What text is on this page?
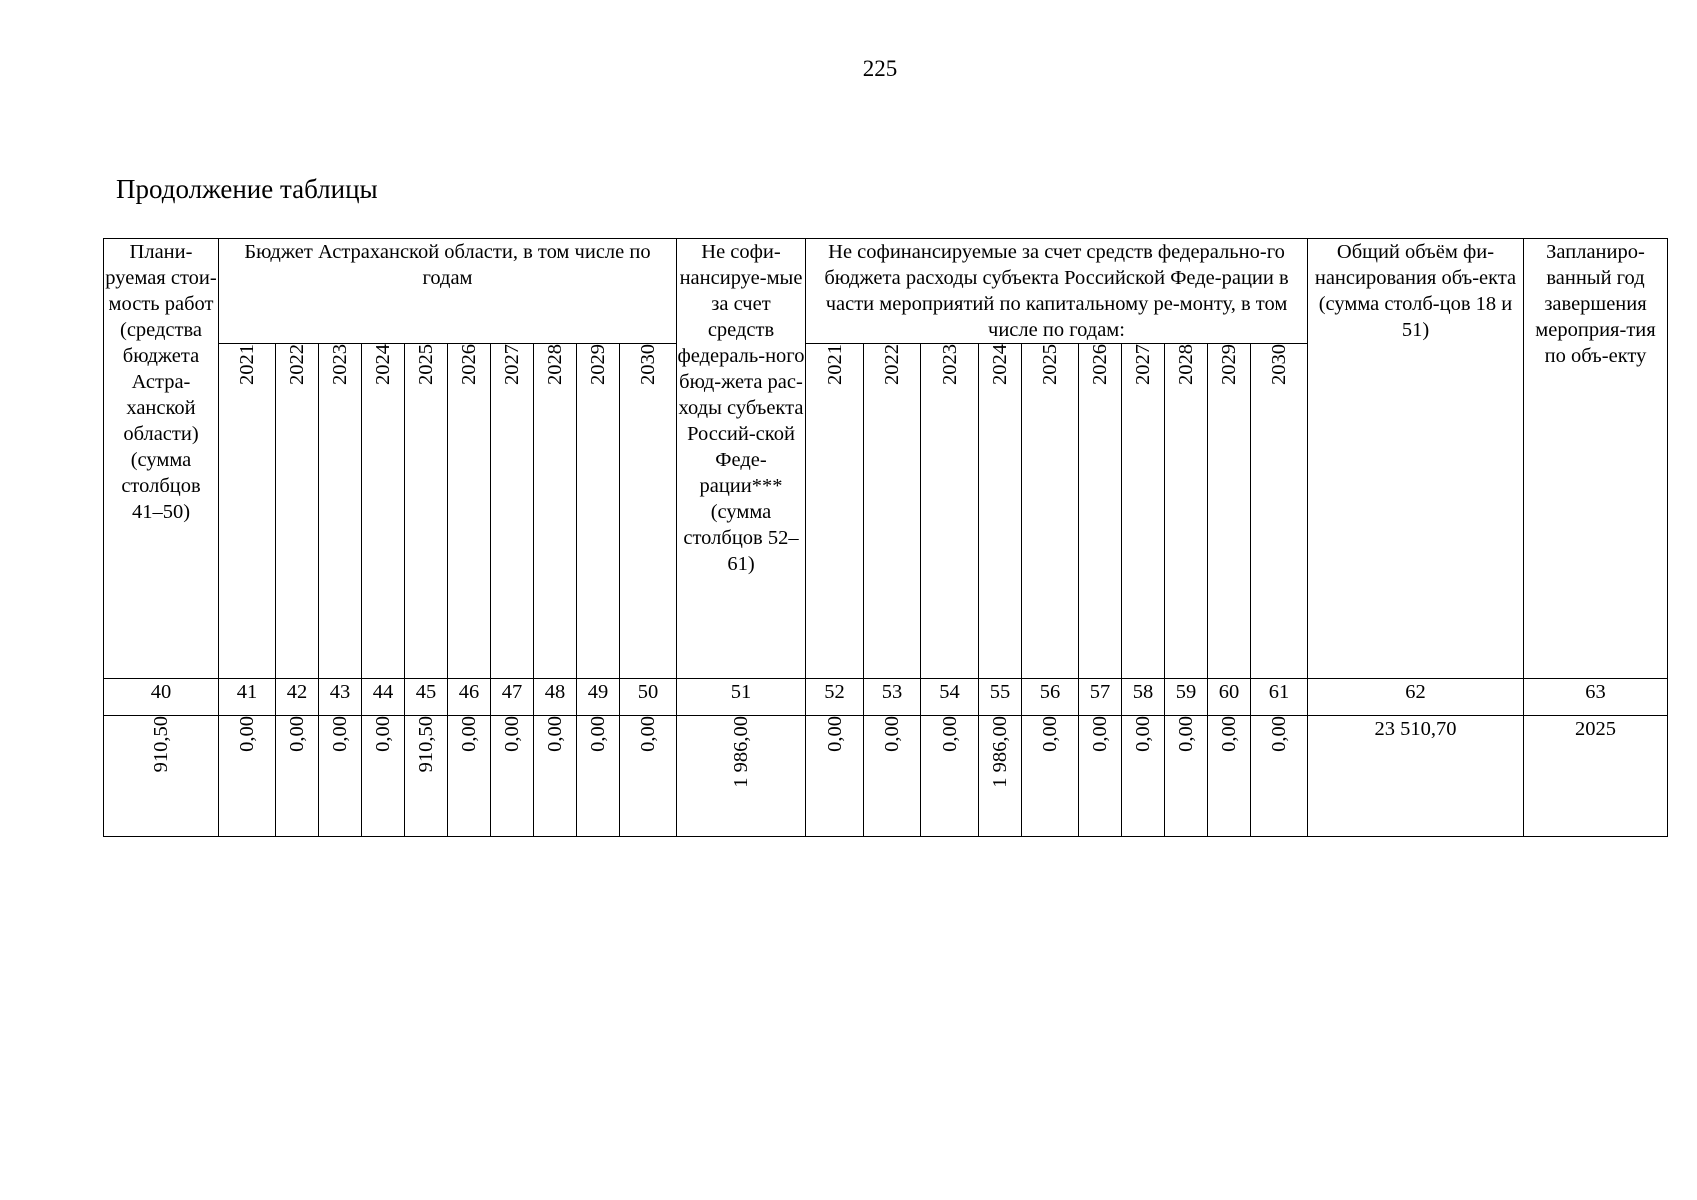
225
Продолжение таблицы
Плани-руемая стои-мость работ (средства бюджета Астра-ханской области) (сумма столбцов 41–50)	Бюджет Астраханской области, в том числе по годам										Не софи-нансируе-мые за счет средств федераль-ного бюд-жета рас-ходы субъекта Россий-ской Феде-рации*** (сумма столбцов 52–61)	Не софинансируемые за счет средств федерально-го бюджета расходы субъекта Российской Феде-рации в части мероприятий по капитальному ре-монту, в том числе по годам:										Общий объём фи-нансирования объ-екта (сумма столб-цов 18 и 51)	Запланиро-ванный год завершения мероприя-тия по объ-екту
	2021	2022	2023	2024	2025	2026	2027	2028	2029	2030		2021	2022	2023	2024	2025	2026	2027	2028	2029	2030		
40	41	42	43	44	45	46	47	48	49	50	51	52	53	54	55	56	57	58	59	60	61	62	63
910,50	0,00	0,00	0,00	0,00	910,50	0,00	0,00	0,00	0,00	0,00	1 986,00	0,00	0,00	0,00	1 986,00	0,00	0,00	0,00	0,00	0,00	0,00	23 510,70	2025
